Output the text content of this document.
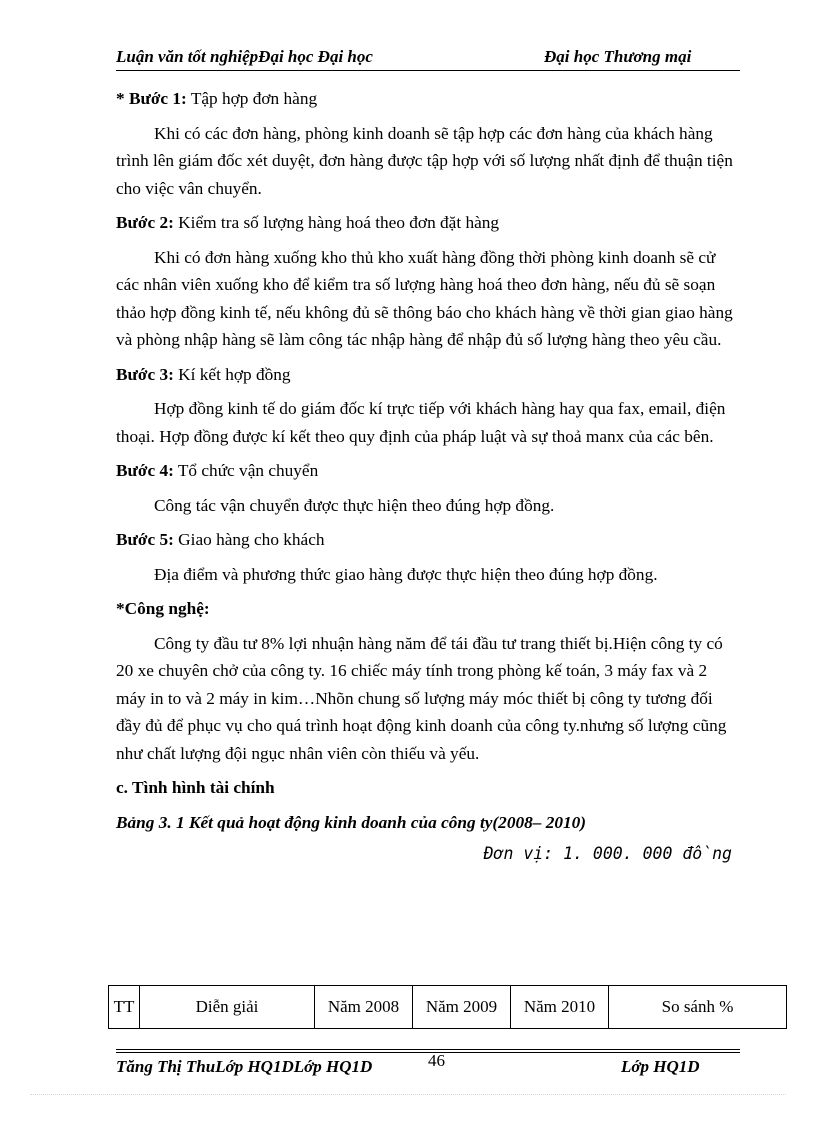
Luận văn tốt nghiệpĐại học Đại học	Đại học Thương mại

* Bước 1: Tập hợp đơn hàng

Khi có các đơn hàng, phòng kinh doanh sẽ tập hợp các đơn hàng của khách hàng trình lên giám đốc xét duyệt, đơn hàng được tập hợp với số lượng nhất định để thuận tiện cho việc vân chuyển.

Bước 2: Kiểm tra số lượng hàng hoá theo đơn đặt hàng

Khi có đơn hàng xuống kho thủ kho xuất hàng đồng thời phòng kinh doanh sẽ cử các nhân viên xuống kho để kiểm tra số lượng hàng hoá theo đơn hàng, nếu đủ sẽ soạn thảo hợp đồng kinh tế, nếu không đủ sẽ thông báo cho khách hàng về thời gian giao hàng và phòng nhập hàng sẽ làm công tác nhập hàng để nhập đủ số lượng hàng theo yêu cầu.

Bước 3: Kí kết hợp đồng

Hợp đồng kinh tế do giám đốc kí trực tiếp với khách hàng hay qua fax, email, điện thoại. Hợp đồng được kí kết theo quy định của pháp luật và sự thoả manx của các bên.

Bước 4: Tổ chức vận chuyển

Công tác vận chuyển được thực hiện theo đúng hợp đồng.

Bước 5: Giao hàng cho khách

Địa điểm và phương thức giao hàng được thực hiện theo đúng hợp đồng.

*Công nghệ:

Công ty đầu tư 8% lợi nhuận hàng năm để tái đầu tư trang thiết bị.Hiện công ty có 20 xe chuyên chở của công ty. 16 chiếc máy tính trong phòng kế toán, 3 máy fax và 2 máy in to và 2 máy in kim…Nhõn chung số lượng máy móc thiết bị công ty tương đối đầy đủ để phục vụ cho quá trình hoạt động kinh doanh của công ty.nhưng số lượng cũng như chất lượng đội ngục nhân viên còn thiếu và yếu.

c. Tình hình tài chính

Bảng 3. 1 Kết quả hoạt động kinh doanh của công ty(2008– 2010)

Đơn vị: 1. 000. 000 đồng

TT	Diễn giải	Năm 2008	Năm 2009	Năm 2010	So sánh %
Tăng Thị ThuLớp HQ1DLớp HQ1D	46	Lớp HQ1D
